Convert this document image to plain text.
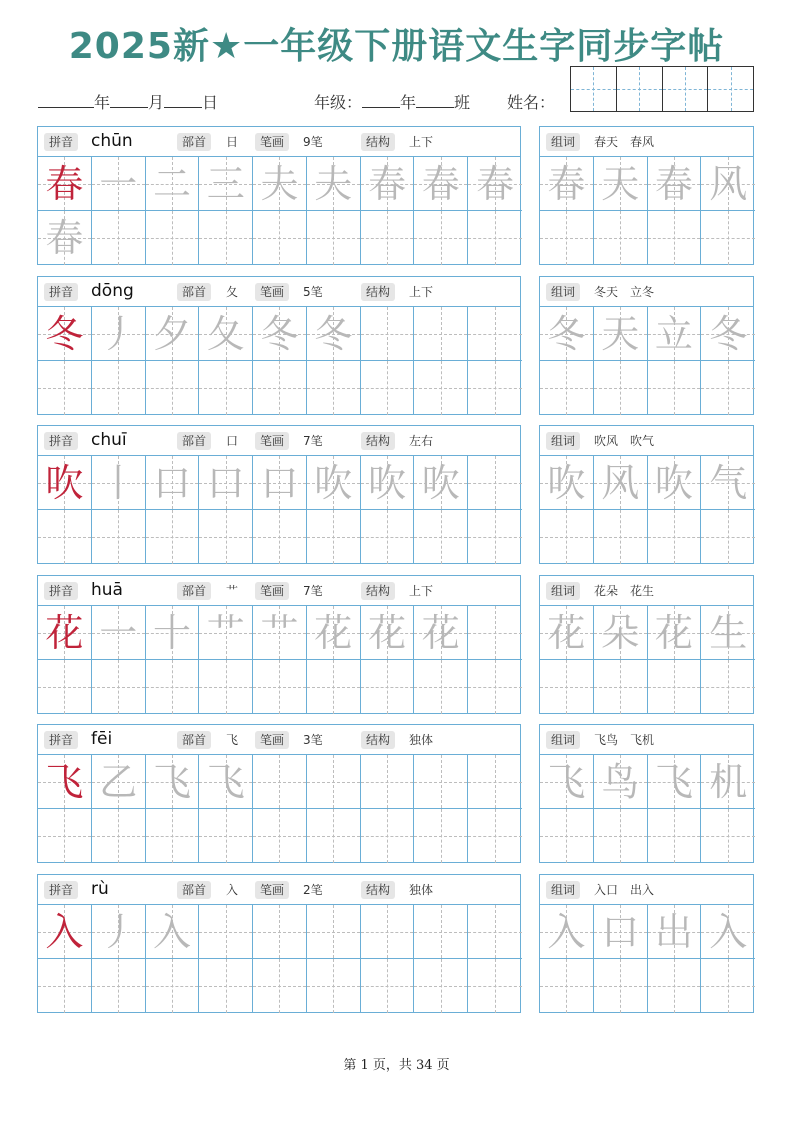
2025新★一年级下册语文生字同步字帖
年 月 日	年级： 年 班 姓名：
拼音 chūn	部首	日	笔画	9笔	结构	上下
春 一 二 三 夫 夫 春 春 春
春
组词	春天　春风
春 天 春 风
拼音 dōng	部首	夂	笔画	5笔	结构	上下
冬 丿 夕 夂 冬 冬
组词	冬天　立冬
冬 天 立 冬
拼音 chuī	部首	口	笔画	7笔	结构	左右
吹 丨 口 口 口 吹 吹 吹
组词	吹风　吹气
吹 风 吹 气
拼音 huā	部首	艹	笔画	7笔	结构	上下
花 一 十 艹 艹 花 花 花
组词	花朵　花生
花 朵 花 生
拼音 fēi	部首	飞	笔画	3笔	结构	独体
飞 乙 飞 飞
组词	飞鸟　飞机
飞 鸟 飞 机
拼音 rù	部首	入	笔画	2笔	结构	独体
入 丿 入
组词	入口　出入
入 口 出 入
第 1 页，共 34 页
